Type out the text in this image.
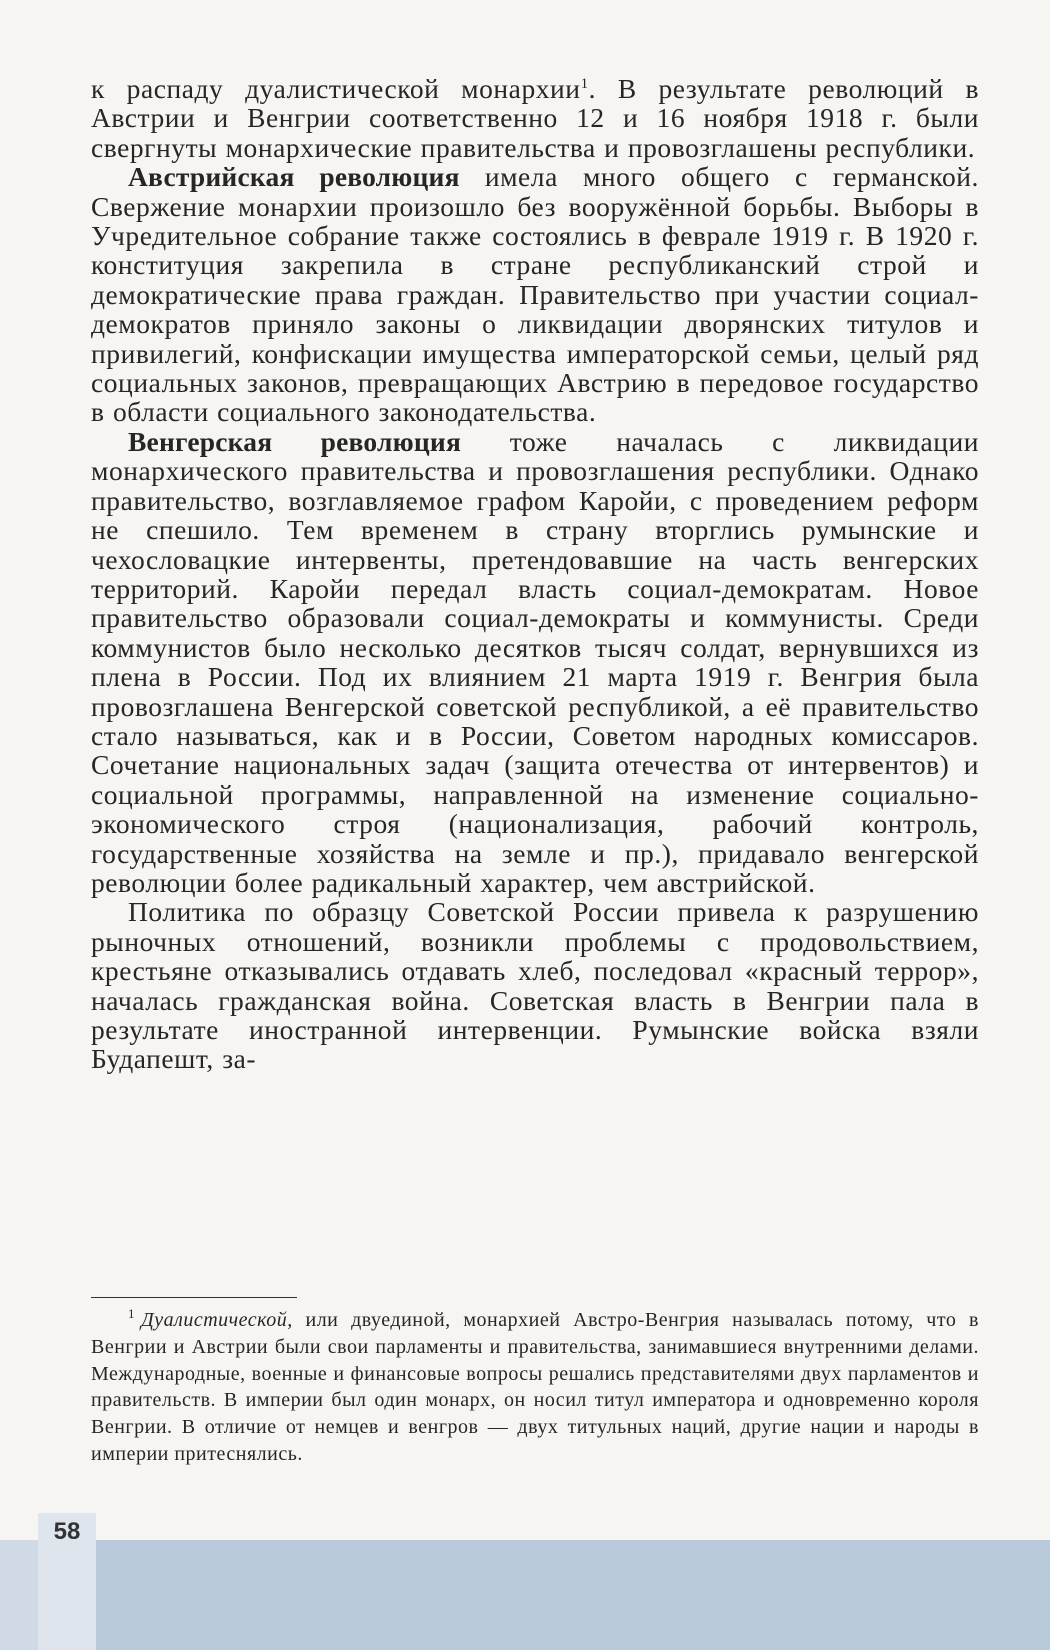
к распаду дуалистической монархии$^1$. В результате революций в Австрии и Венгрии соответственно 12 и 16 ноября 1918 г. были свергнуты монархические правительства и провозглашены республики.

Австрийская революция имела много общего с германской. Свержение монархии произошло без вооружённой борьбы. Выборы в Учредительное собрание также состоялись в феврале 1919 г. В 1920 г. конституция закрепила в стране республиканский строй и демократические права граждан. Правительство при участии социал-демократов приняло законы о ликвидации дворянских титулов и привилегий, конфискации имущества императорской семьи, целый ряд социальных законов, превращающих Австрию в передовое государство в области социального законодательства.

Венгерская революция тоже началась с ликвидации монархического правительства и провозглашения республики. Однако правительство, возглавляемое графом Каройи, с проведением реформ не спешило. Тем временем в страну вторглись румынские и чехословацкие интервенты, претендовавшие на часть венгерских территорий. Каройи передал власть социал-демократам. Новое правительство образовали социал-демократы и коммунисты. Среди коммунистов было несколько десятков тысяч солдат, вернувшихся из плена в России. Под их влиянием 21 марта 1919 г. Венгрия была провозглашена Венгерской советской республикой, а её правительство стало называться, как и в России, Советом народных комиссаров. Сочетание национальных задач (защита отечества от интервентов) и социальной программы, направленной на изменение социально-экономического строя (национализация, рабочий контроль, государственные хозяйства на земле и пр.), придавало венгерской революции более радикальный характер, чем австрийской.

Политика по образцу Советской России привела к разрушению рыночных отношений, возникли проблемы с продовольствием, крестьяне отказывались отдавать хлеб, последовал «красный террор», началась гражданская война. Советская власть в Венгрии пала в результате иностранной интервенции. Румынские войска взяли Будапешт, за-

$^1$ Дуалистической, или двуединой, монархией Австро-Венгрия называлась потому, что в Венгрии и Австрии были свои парламенты и правительства, занимавшиеся внутренними делами. Международные, военные и финансовые вопросы решались представителями двух парламентов и правительств. В империи был один монарх, он носил титул императора и одновременно короля Венгрии. В отличие от немцев и венгров — двух титульных наций, другие нации и народы в империи притеснялись.

58
